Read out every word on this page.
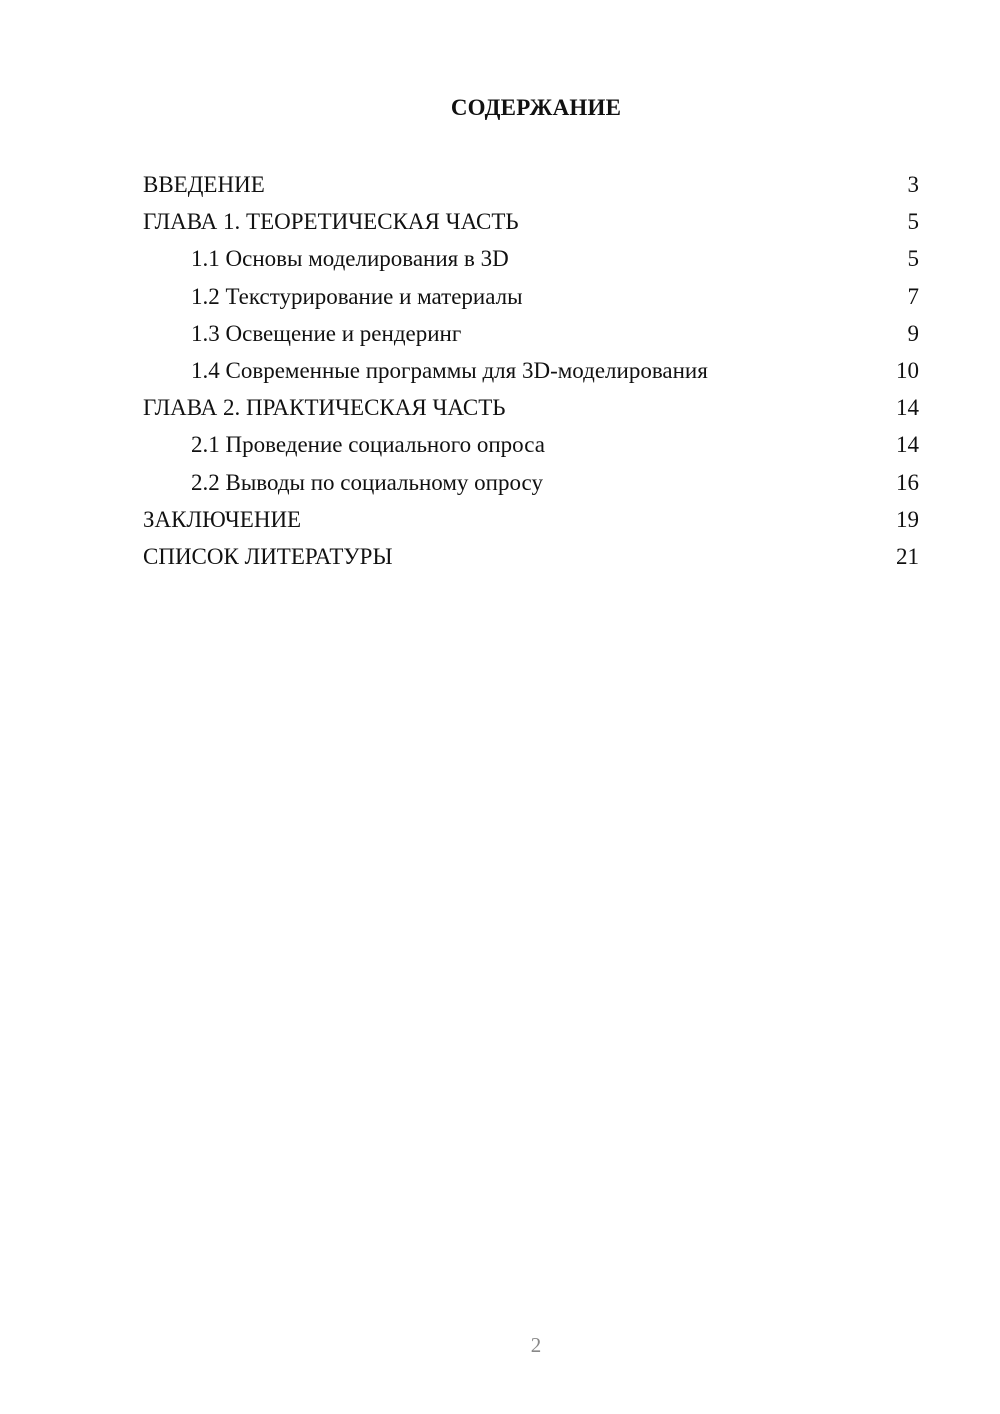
СОДЕРЖАНИЕ
ВВЕДЕНИЕ	3
ГЛАВА 1. ТЕОРЕТИЧЕСКАЯ ЧАСТЬ	5
1.1 Основы моделирования в 3D	5
1.2 Текстурирование и материалы	7
1.3 Освещение и рендеринг	9
1.4 Современные программы для 3D-моделирования	10
ГЛАВА 2. ПРАКТИЧЕСКАЯ ЧАСТЬ	14
2.1 Проведение социального опроса	14
2.2 Выводы по социальному опросу	16
ЗАКЛЮЧЕНИЕ	19
СПИСОК ЛИТЕРАТУРЫ	21
2
